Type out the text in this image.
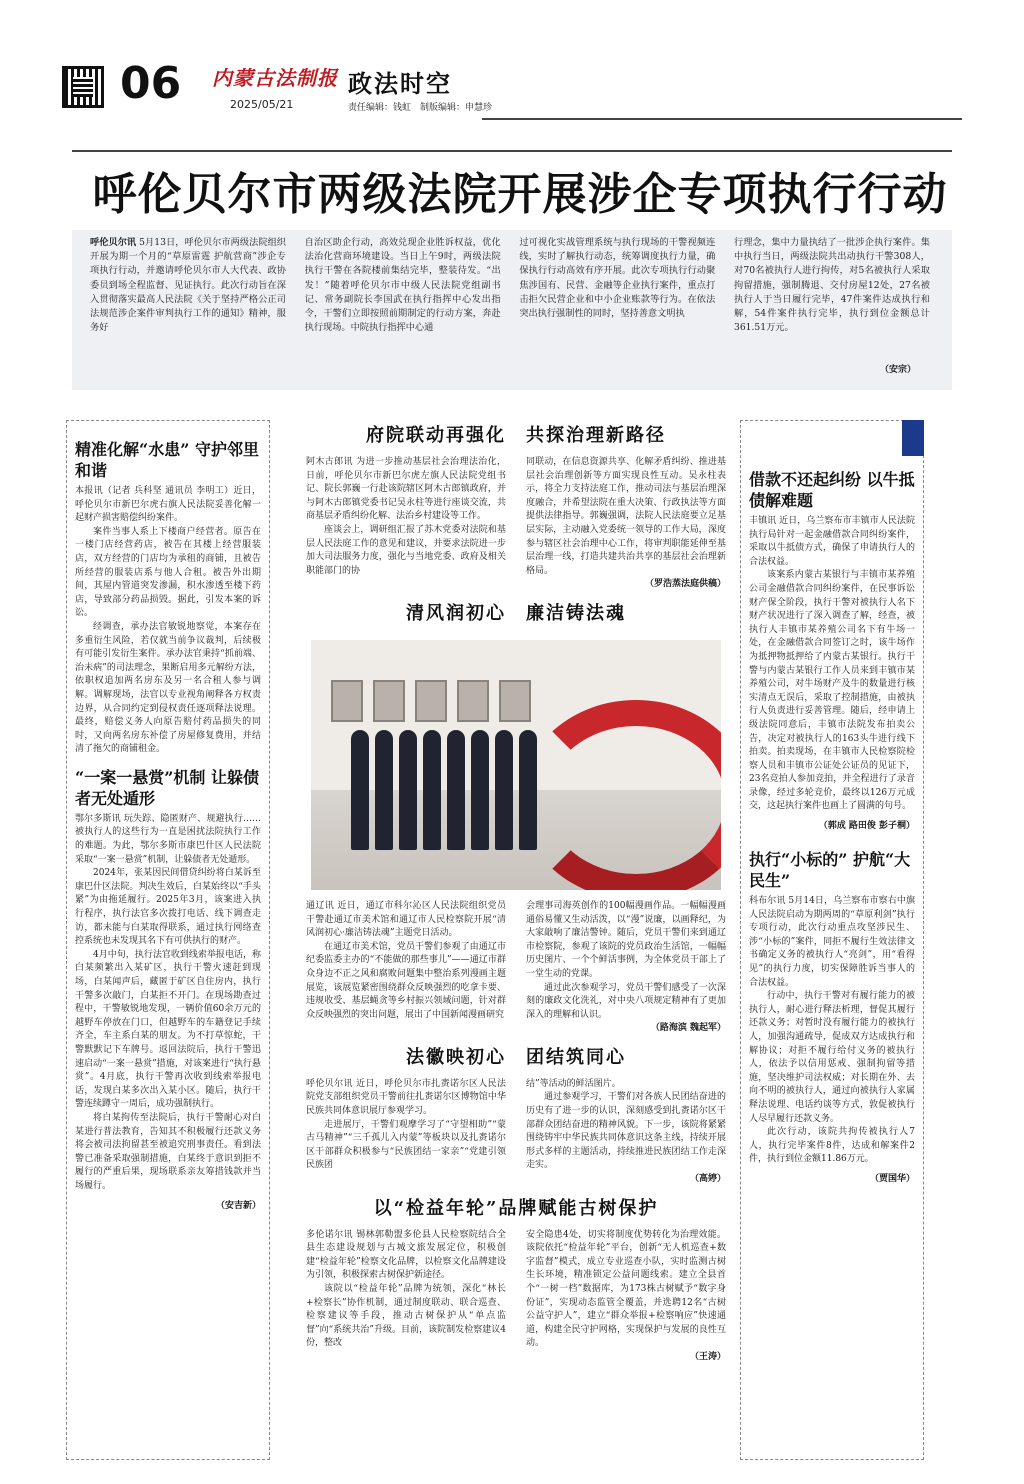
06 内蒙古法制报
2025/05/21
政法时空
责任编辑：钱虹　制版编辑：申慧珍
呼伦贝尔市两级法院开展涉企专项执行行动
呼伦贝尔讯 5月13日，呼伦贝尔市两级法院组织开展为期一个月的“草原雷霆 护航营商”涉企专项执行行动，并邀请呼伦贝尔市人大代表、政协委员到场全程监督、见证执行。此次行动旨在深入贯彻落实最高人民法院《关于坚持严格公正司法规范涉企案件审判执行工作的通知》精神，服务好
自治区助企行动，高效兑现企业胜诉权益，优化法治化营商环境建设。当日上午9时，两级法院执行干警在各院楼前集结完毕，整装待发。“出发！”随着呼伦贝尔市中级人民法院党组副书记、常务副院长李国武在执行指挥中心发出指令，干警们立即按照前期制定的行动方案，奔赴执行现场。中院执行指挥中心通
过可视化实战管理系统与执行现场的干警视频连线，实时了解执行动态，统筹调度执行力量，确保执行行动高效有序开展。此次专项执行行动聚焦涉国有、民营、金融等企业执行案件，重点打击拒欠民营企业和中小企业账款等行为。在依法突出执行强制性的同时，坚持善意文明执
行理念，集中力量执结了一批涉企执行案件。集中执行当日，两级法院共出动执行干警308人，对70名被执行人进行拘传，对5名被执行人采取拘留措施，强制腾退、交付房屋12处，27名被执行人于当日履行完毕，47件案件达成执行和解，54件案件执行完毕，执行到位金额总计361.51万元。
（安宗）
精准化解“水患” 守护邻里和谐

本报讯（记者 兵科坚 通讯员 李明工）近日，呼伦贝尔市新巴尔虎右旗人民法院妥善化解一起财产损害赔偿纠纷案件。

案件当事人系上下楼商户经营者。原告在一楼门店经营药店，被告在其楼上经营服装店，双方经营的门店均为承租的商铺，且被告所经营的服装店系与他人合租。被告外出期间，其屋内管道突发渗漏，积水渗透至楼下药店，导致部分药品损毁。据此，引发本案的诉讼。

经调查，承办法官敏锐地察觉，本案存在多重衍生风险，若仅就当前争议裁判，后续极有可能引发衍生案件。承办法官秉持“抓前端、治未病”的司法理念，果断启用多元解纷方法，依职权追加两名房东及另一名合租人参与调解。调解现场，法官以专业视角阐释各方权责边界，从合同约定到侵权责任逐项释法说理。最终，赔偿义务人向原告赔付药品损失的同时，又向两名房东补偿了房屋修复费用，并结清了拖欠的商铺租金。

“一案一悬赏”机制 让躲债者无处遁形

鄂尔多斯讯 玩失踪、隐匿财产、规避执行……被执行人的这些行为一直是困扰法院执行工作的难题。为此，鄂尔多斯市康巴什区人民法院采取“一案一悬赏”机制，让躲债者无处遁形。

2024年，张某因民间借贷纠纷将白某诉至康巴什区法院。判决生效后，白某始终以“手头紧”为由拖延履行。2025年3月，该案进入执行程序，执行法官多次拨打电话、线下调查走访，都未能与白某取得联系，通过执行网络查控系统也未发现其名下有可供执行的财产。

4月中旬，执行法官收到线索举报电话，称白某频繁出入某矿区，执行干警火速赶到现场，白某闻声后，藏匿于矿区自住房内，执行干警多次敲门，白某拒不开门。在现场勘查过程中，干警敏锐地发现，一辆价值60余万元的越野车停放在门口，但越野车的车籍登记手续齐全，车主系白某的朋友。为不打草惊蛇，干警默默记下车牌号。返回法院后，执行干警迅速启动“一案一悬赏”措施，对该案进行“执行悬赏”。4月底，执行干警再次收到线索举报电话，发现白某多次出入某小区。随后，执行干警连续蹲守一周后，成功强制执行。

将白某拘传至法院后，执行干警耐心对白某进行普法教育，告知其不积极履行还款义务将会被司法拘留甚至被追究刑事责任。看到法警已准备采取强制措施，白某终于意识到拒不履行的严重后果，现场联系亲友筹措钱款并当场履行。

（安吉新）
府院联动再强化　共探治理新路径

阿木古郎讯 为进一步推动基层社会治理法治化，日前，呼伦贝尔市新巴尔虎左旗人民法院党组书记、院长郭巍一行赴该院辖区阿木古郎镇政府，并与阿木古郎镇党委书记吴永柱等进行座谈交流，共商基层矛盾纠纷化解、法治乡村建设等工作。

座谈会上，调研组汇报了苏木党委对法院和基层人民法庭工作的意见和建议，并要求法院进一步加大司法服务力度，强化与当地党委、政府及相关职能部门的协

同联动，在信息资源共享、化解矛盾纠纷、推进基层社会治理创新等方面实现良性互动。吴永柱表示，将全力支持法庭工作，推动司法与基层治理深度融合，并希望法院在重大决策、行政执法等方面提供法律指导。郭巍强调，法院人民法庭要立足基层实际，主动融入党委统一领导的工作大局，深度参与辖区社会治理中心工作，将审判职能延伸至基层治理一线，打造共建共治共享的基层社会治理新格局。

（罗浩蒸法庭供稿）
清风润初心　廉洁铸法魂

通辽讯 近日，通辽市科尔沁区人民法院组织党员干警赴通辽市美术馆和通辽市人民检察院开展“清风润初心·廉洁铸法魂”主题党日活动。

在通辽市美术馆，党员干警们参观了由通辽市纪委监委主办的“不能做的那些事儿”——通辽市群众身边不正之风和腐败问题集中整治系列漫画主题展览，该展览紧密围绕群众反映强烈的吃拿卡要、违规收受、基层蝇贪等乡村振兴领域问题，针对群众反映强烈的突出问题，展出了中国新闻漫画研究

会理事司海英创作的100幅漫画作品。一幅幅漫画通俗易懂又生动活泼，以“漫”说廉，以画释纪，为大家敲响了廉洁警钟。随后，党员干警们来到通辽市检察院，参观了该院的党员政治生活馆，一幅幅历史图片、一个个鲜活事例，为全体党员干部上了一堂生动的党课。

通过此次参观学习，党员干警们感受了一次深刻的廉政文化洗礼，对中央八项规定精神有了更加深入的理解和认识。

（路海滨 魏起军）
法徽映初心　团结筑同心

呼伦贝尔讯 近日，呼伦贝尔市扎赉诺尔区人民法院党支部组织党员干警前往扎赉诺尔区博物馆中华民族共同体意识展厅参观学习。

走进展厅，干警们观摩学习了“守望相助”“蒙古马精神”“三千孤儿入内蒙”等板块以及扎赉诺尔区干部群众积极参与“民族团结一家亲”“党建引领民族团

结”等活动的鲜活图片。

通过参观学习，干警们对各族人民团结奋进的历史有了进一步的认识，深刻感受到扎赉诺尔区干部群众团结奋进的精神风貌。下一步，该院将紧紧围绕铸牢中华民族共同体意识这条主线，持续开展形式多样的主题活动，持续推进民族团结工作走深走实。

（高婷）
以“检益年轮”品牌赋能古树保护

多伦诺尔讯 锡林郭勒盟多伦县人民检察院结合全县生态建设规划与古城文旅发展定位，积极创建“检益年轮”检察文化品牌，以检察文化品牌建设为引领，积极探索古树保护新途径。

该院以“检益年轮”品牌为统领，深化“林长+检察长”协作机制，通过制度联动、联合巡查、检察建议等手段，推动古树保护从“单点监督”向“系统共治”升级。目前，该院制发检察建议4份，整改

安全隐患4处，切实将制度优势转化为治理效能。该院依托“检益年轮”平台，创新“无人机巡查+数字监督”模式，成立专业巡查小队，实时监测古树生长环境，精准锁定公益问题线索。建立全县首个“一树一档”数据库，为173株古树赋予“数字身份证”，实现动态监管全覆盖，并选聘12名“古树公益守护人”，建立“群众举报+检察响应”快速通道，构建全民守护网格，实现保护与发展的良性互动。

（王涛）
借款不还起纠纷 以牛抵债解难题

丰镇讯 近日，乌兰察布市丰镇市人民法院执行局针对一起金融借款合同纠纷案件，采取以牛抵债方式，确保了申请执行人的合法权益。

该案系内蒙古某银行与丰镇市某养殖公司金融借款合同纠纷案件，在民事诉讼财产保全阶段，执行干警对被执行人名下财产状况进行了深入调查了解，经查，被执行人丰镇市某养殖公司名下有牛场一处，在金融借款合同签订之时，该牛场作为抵押物抵押给了内蒙古某银行。执行干警与内蒙古某银行工作人员来到丰镇市某养殖公司，对牛场财产及牛的数量进行核实清点无误后，采取了控制措施，由被执行人负责进行妥善管理。随后，经申请上级法院同意后，丰镇市法院发布拍卖公告，决定对被执行人的163头牛进行线下拍卖。拍卖现场，在丰镇市人民检察院检察人员和丰镇市公证处公证员的见证下，23名竞拍人参加竞拍，并全程进行了录音录像，经过多轮竞价，最终以126万元成交，这起执行案件也画上了圆满的句号。

（郭成 路田俊 彭子桐）
执行“小标的” 护航“大民生”

科布尔讯 5月14日，乌兰察布市察右中旗人民法院启动为期两周的“草原利剑”执行专项行动，此次行动重点攻坚涉民生、涉“小标的”案件，同拒不履行生效法律文书确定义务的被执行人“亮剑”，用“看得见”的执行力度，切实保障胜诉当事人的合法权益。

行动中，执行干警对有履行能力的被执行人，耐心进行释法析理，督促其履行还款义务；对暂时没有履行能力的被执行人，加强沟通疏导，促成双方达成执行和解协议；对拒不履行给付义务的被执行人，依法予以信用惩戒、强制拘留等措施，坚决维护司法权威；对长期在外、去向不明的被执行人，通过向被执行人家属释法说理、电话约谈等方式，敦促被执行人尽早履行还款义务。

此次行动，该院共拘传被执行人7人，执行完毕案件8件，达成和解案件2件，执行到位金额11.86万元。

（贾国华）
